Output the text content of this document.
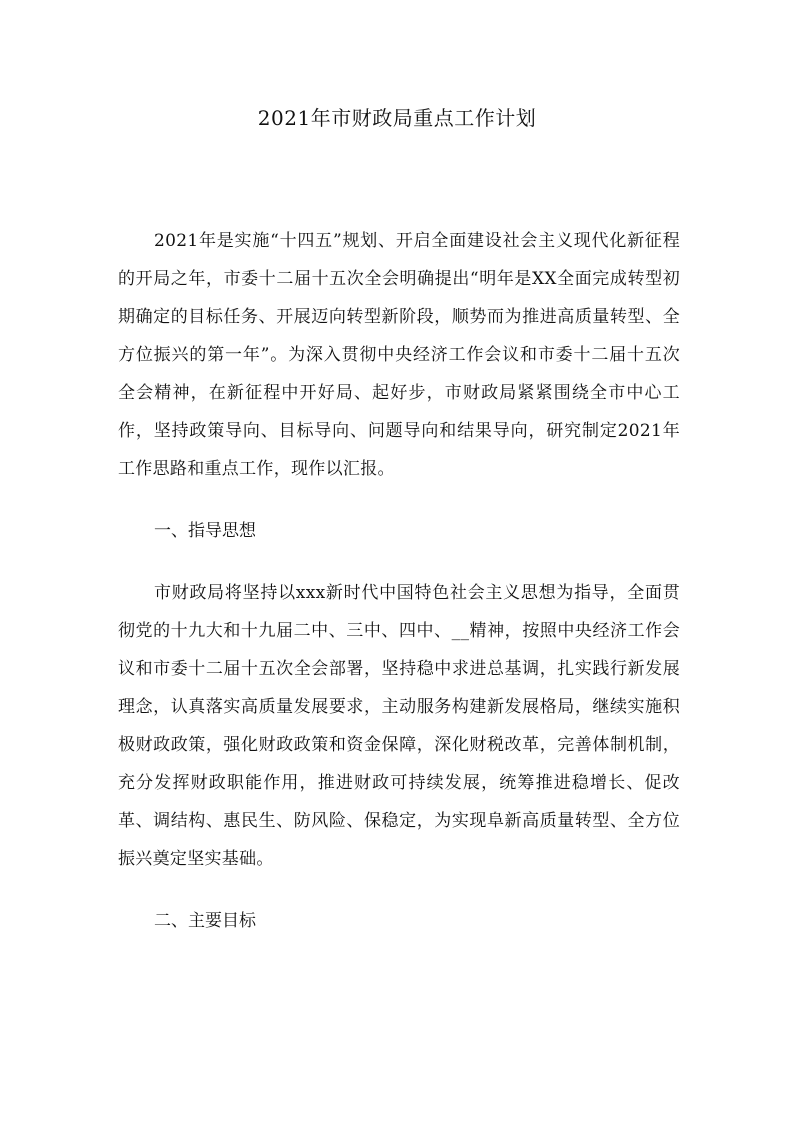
2021年市财政局重点工作计划

2021年是实施“十四五”规划、开启全面建设社会主义现代化新征程的开局之年，市委十二届十五次全会明确提出“明年是XX全面完成转型初期确定的目标任务、开展迈向转型新阶段，顺势而为推进高质量转型、全方位振兴的第一年”。为深入贯彻中央经济工作会议和市委十二届十五次全会精神，在新征程中开好局、起好步，市财政局紧紧围绕全市中心工作，坚持政策导向、目标导向、问题导向和结果导向，研究制定2021年工作思路和重点工作，现作以汇报。

一、指导思想

市财政局将坚持以xxx新时代中国特色社会主义思想为指导，全面贯彻党的十九大和十九届二中、三中、四中、__精神，按照中央经济工作会议和市委十二届十五次全会部署，坚持稳中求进总基调，扎实践行新发展理念，认真落实高质量发展要求，主动服务构建新发展格局，继续实施积极财政政策，强化财政政策和资金保障，深化财税改革，完善体制机制，充分发挥财政职能作用，推进财政可持续发展，统筹推进稳增长、促改革、调结构、惠民生、防风险、保稳定，为实现阜新高质量转型、全方位振兴奠定坚实基础。

二、主要目标
